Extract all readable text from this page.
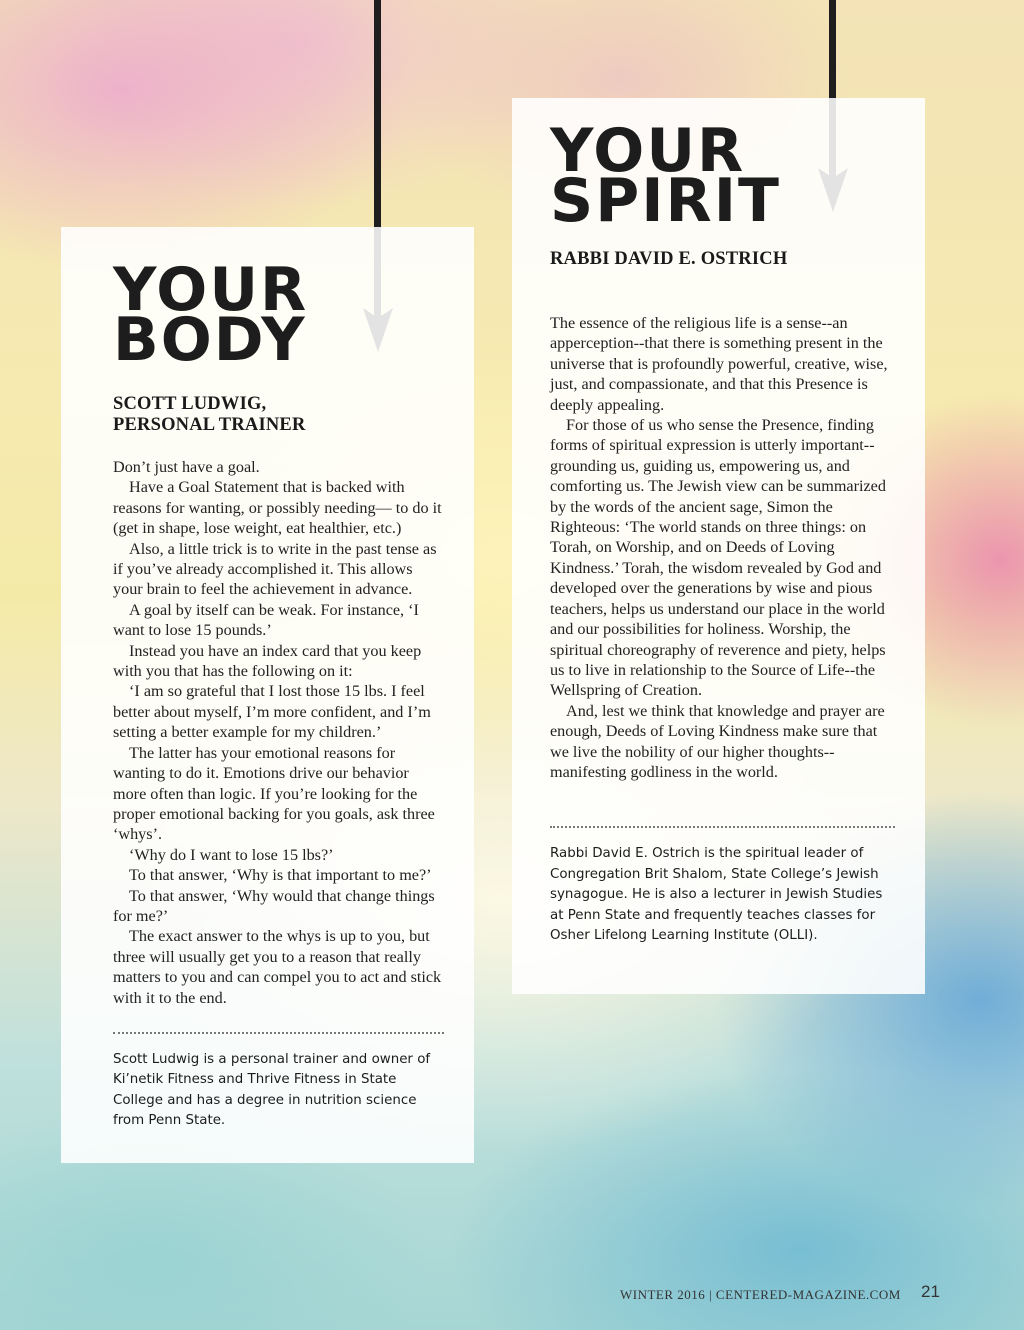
YOUR
BODY
SCOTT LUDWIG,
PERSONAL TRAINER

Don’t just have a goal.

Have a Goal Statement that is backed with reasons for wanting, or possibly needing— to do it (get in shape, lose weight, eat healthier, etc.)

Also, a little trick is to write in the past tense as if you’ve already accomplished it. This allows your brain to feel the achievement in advance.

A goal by itself can be weak. For instance, ‘I want to lose 15 pounds.’

Instead you have an index card that you keep with you that has the following on it:

‘I am so grateful that I lost those 15 lbs. I feel better about myself, I’m more confident, and I’m setting a better example for my children.’

The latter has your emotional reasons for wanting to do it. Emotions drive our behavior more often than logic. If you’re looking for the proper emotional backing for you goals, ask three ‘whys’.

‘Why do I want to lose 15 lbs?’

To that answer, ‘Why is that important to me?’

To that answer, ‘Why would that change things for me?’

The exact answer to the whys is up to you, but three will usually get you to a reason that really matters to you and can compel you to act and stick with it to the end.

Scott Ludwig is a personal trainer and owner of Ki’netik Fitness and Thrive Fitness in State College and has a degree in nutrition science from Penn State.
YOUR
SPIRIT
RABBI DAVID E. OSTRICH

The essence of the religious life is a sense--an apperception--that there is something present in the universe that is profoundly powerful, creative, wise, just, and compassionate, and that this Presence is deeply appealing.

For those of us who sense the Presence, finding forms of spiritual expression is utterly important--grounding us, guiding us, empowering us, and comforting us. The Jewish view can be summarized by the words of the ancient sage, Simon the Righteous: ‘The world stands on three things: on Torah, on Worship, and on Deeds of Loving Kindness.’ Torah, the wisdom revealed by God and developed over the generations by wise and pious teachers, helps us understand our place in the world and our possibilities for holiness. Worship, the spiritual choreography of reverence and piety, helps us to live in relationship to the Source of Life--the Wellspring of Creation.

And, lest we think that knowledge and prayer are enough, Deeds of Loving Kindness make sure that we live the nobility of our higher thoughts--manifesting godliness in the world.

Rabbi David E. Ostrich is the spiritual leader of Congregation Brit Shalom, State College’s Jewish synagogue. He is also a lecturer in Jewish Studies at Penn State and frequently teaches classes for Osher Lifelong Learning Institute (OLLI).
WINTER 2016 | CENTERED-MAGAZINE.COM 21
